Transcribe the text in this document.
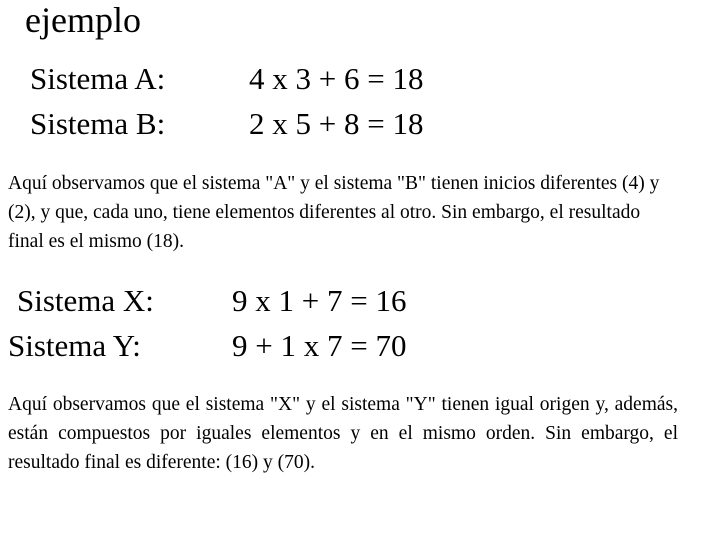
ejemplo
Sistema A:	4 x 3 + 6 = 18
Sistema B:	2 x 5 + 8 = 18
Aquí observamos que el sistema "A" y el sistema "B" tienen inicios diferentes (4) y (2), y que, cada uno, tiene elementos diferentes al otro. Sin embargo, el resultado final es el mismo (18).
Sistema X:	9 x 1 + 7 = 16
Sistema Y:	9 + 1 x 7 = 70
Aquí observamos que el sistema "X" y el sistema "Y" tienen igual origen y, además, están compuestos por iguales elementos y en el mismo orden. Sin embargo, el resultado final es diferente: (16) y (70).
